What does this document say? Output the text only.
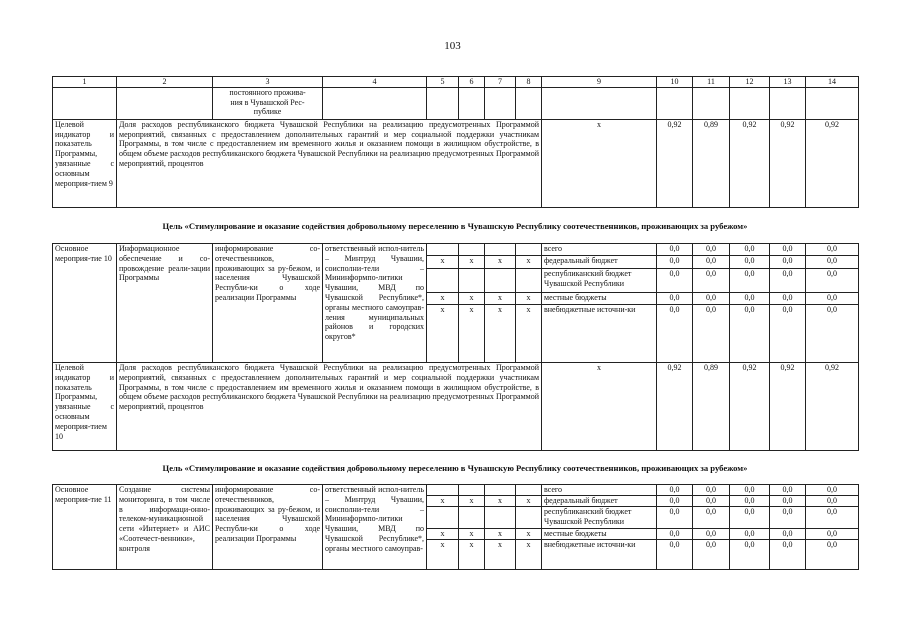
103
1	2	3	4	5	6	7	8	9	10	11	12	13	14
		постоянного прожива-
ния в Чувашской Рес-
публике											
Целевой индикатор и показатель Программы, увязанные с основным мероприя-тием 9	Доля расходов республиканского бюджета Чувашской Республики на реализацию предусмотренных Программой мероприятий, связанных с предоставлением дополнительных гарантий и мер социальной поддержки участникам Программы, в том числе с предоставлением им временного жилья и оказанием помощи в жилищном обустройстве, в общем объеме расходов республиканского бюджета Чувашской Республики на реализацию предусмотренных Программой мероприятий, процентов							х	0,92	0,89	0,92	0,92	0,92
Цель «Стимулирование и оказание содействия добровольному переселению в Чувашскую Республику соотечественников, проживающих за рубежом»
Основное мероприя-тие 10	Информационное обеспечение и со-провождение реали-зации Программы	информирование со-отечественников, проживающих за ру-бежом, и населения Чувашской Республи-ки о ходе реализации Программы	ответственный испол-нитель – Минтруд Чувашии, соисполни-тели – Мининформпо-литики Чувашии, МВД по Чувашской Республике*, органы местного самоуправ-ления муниципальных районов и городских округов*					всего	0,0	0,0	0,0	0,0	0,0
				х	х	х	х	федеральный бюджет	0,0	0,0	0,0	0,0	0,0
								республиканский бюджет Чувашской Республики	0,0	0,0	0,0	0,0	0,0
				х	х	х	х	местные бюджеты	0,0	0,0	0,0	0,0	0,0
				х	х	х	х	внебюджетные источни-ки	0,0	0,0	0,0	0,0	0,0
Целевой индикатор и показатель Программы, увязанные с основным мероприя-тием 10	Доля расходов республиканского бюджета Чувашской Республики на реализацию предусмотренных Программой мероприятий, связанных с предоставлением дополнительных гарантий и мер социальной поддержки участникам Программы, в том числе с предоставлением им временного жилья и оказанием помощи в жилищном обустройстве, в общем объеме расходов республиканского бюджета Чувашской Республики на реализацию предусмотренных Программой мероприятий, процентов							х	0,92	0,89	0,92	0,92	0,92
Цель «Стимулирование и оказание содействия добровольному переселению в Чувашскую Республику соотечественников, проживающих за рубежом»
Основное мероприя-тие 11	Создание системы мониторинга, в том числе в информаци-онно-телеком-муникационной сети «Интернет» и АИС «Соотечест-венники», контроля	информирование со-отечественников, проживающих за ру-бежом, и населения Чувашской Республи-ки о ходе реализации Программы	ответственный испол-нитель – Минтруд Чувашии, соисполни-тели – Мининформпо-литики Чувашии, МВД по Чувашской Республике*, органы местного самоуправ-					всего	0,0	0,0	0,0	0,0	0,0
				х	х	х	х	федеральный бюджет	0,0	0,0	0,0	0,0	0,0
								республиканский бюджет Чувашской Республики	0,0	0,0	0,0	0,0	0,0
				х	х	х	х	местные бюджеты	0,0	0,0	0,0	0,0	0,0
				х	х	х	х	внебюджетные источни-ки	0,0	0,0	0,0	0,0	0,0
